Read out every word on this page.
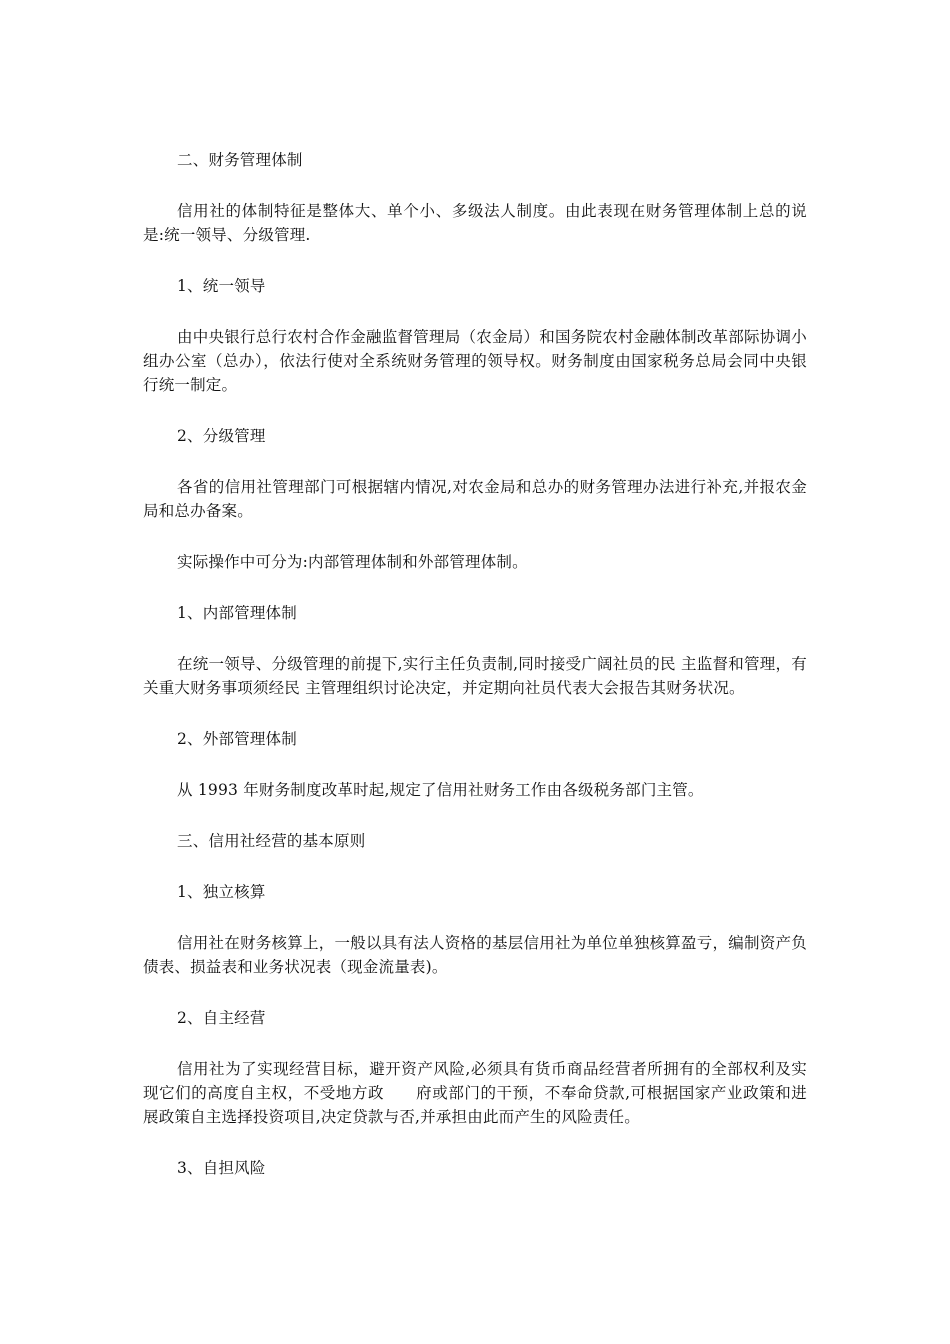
二、财务管理体制

信用社的体制特征是整体大、单个小、多级法人制度。由此表现在财务管理体制上总的说是:统一领导、分级管理.

1、统一领导

由中央银行总行农村合作金融监督管理局（农金局）和国务院农村金融体制改革部际协调小组办公室（总办），依法行使对全系统财务管理的领导权。财务制度由国家税务总局会同中央银行统一制定。

2、分级管理

各省的信用社管理部门可根据辖内情况,对农金局和总办的财务管理办法进行补充,并报农金局和总办备案。

实际操作中可分为:内部管理体制和外部管理体制。

1、内部管理体制

在统一领导、分级管理的前提下,实行主任负责制,同时接受广阔社员的民 主监督和管理，有关重大财务事项须经民 主管理组织讨论决定，并定期向社员代表大会报告其财务状况。

2、外部管理体制

从 1993 年财务制度改革时起,规定了信用社财务工作由各级税务部门主管。

三、信用社经营的基本原则

1、独立核算

信用社在财务核算上，一般以具有法人资格的基层信用社为单位单独核算盈亏，编制资产负债表、损益表和业务状况表（现金流量表)。

2、自主经营

信用社为了实现经营目标，避开资产风险,必须具有货币商品经营者所拥有的全部权利及实现它们的高度自主权，不受地方政　　府或部门的干预，不奉命贷款,可根据国家产业政策和进展政策自主选择投资项目,决定贷款与否,并承担由此而产生的风险责任。

3、自担风险
